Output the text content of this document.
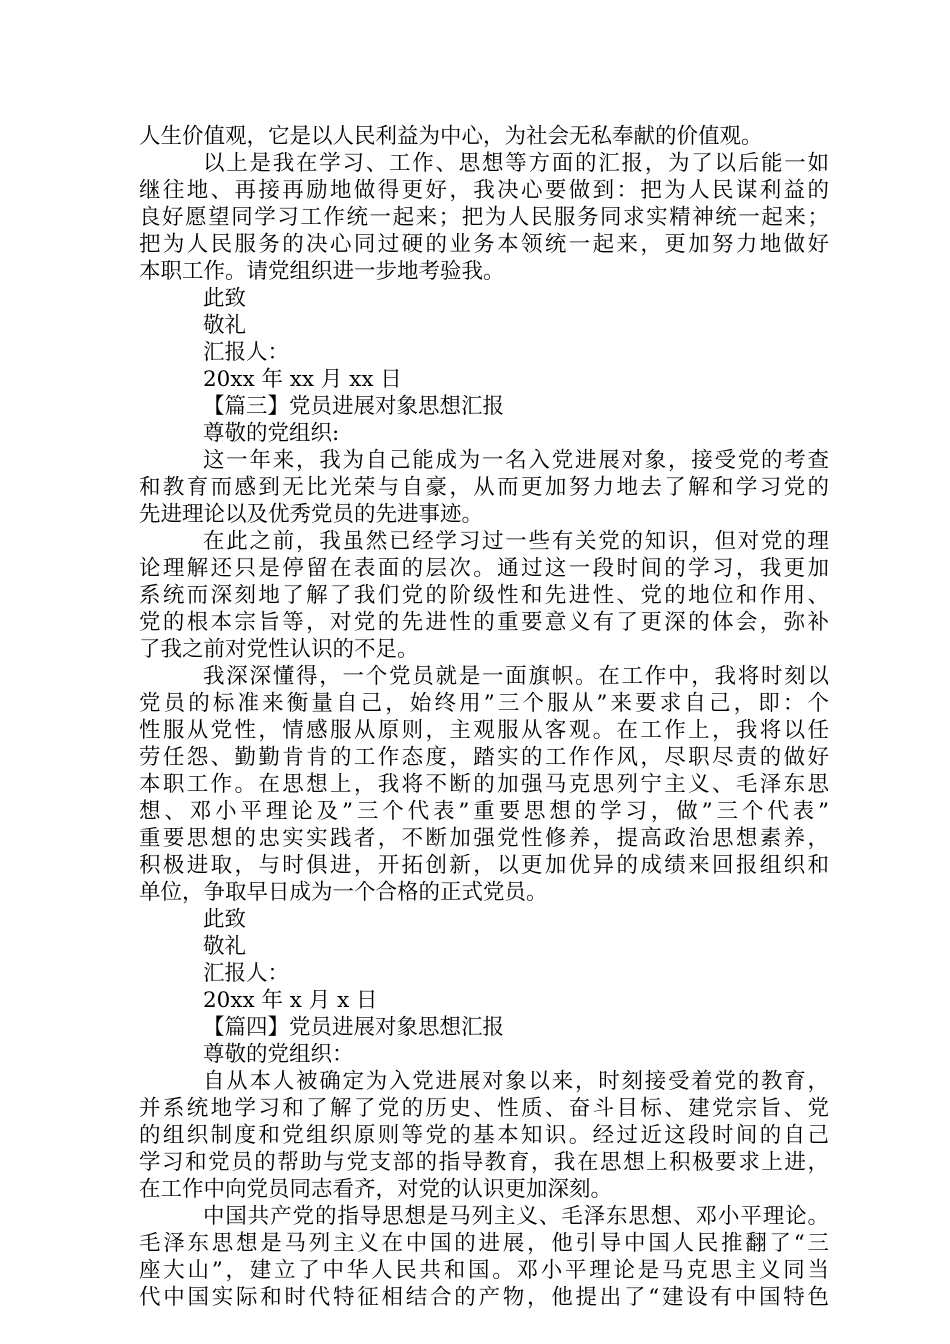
人生价值观，它是以人民利益为中心，为社会无私奉献的价值观。
以上是我在学习、工作、思想等方面的汇报，为了以后能一如
继往地、再接再励地做得更好，我决心要做到：把为人民谋利益的
良好愿望同学习工作统一起来；把为人民服务同求实精神统一起来；
把为人民服务的决心同过硬的业务本领统一起来，更加努力地做好
本职工作。请党组织进一步地考验我。
此致
敬礼
汇报人：
20xx 年 xx 月 xx 日
【篇三】党员进展对象思想汇报
尊敬的党组织:
这一年来，我为自己能成为一名入党进展对象，接受党的考查
和教育而感到无比光荣与自豪，从而更加努力地去了解和学习党的
先进理论以及优秀党员的先进事迹。
在此之前，我虽然已经学习过一些有关党的知识，但对党的理
论理解还只是停留在表面的层次。通过这一段时间的学习，我更加
系统而深刻地了解了我们党的阶级性和先进性、党的地位和作用、
党的根本宗旨等，对党的先进性的重要意义有了更深的体会，弥补
了我之前对党性认识的不足。
我深深懂得，一个党员就是一面旗帜。在工作中，我将时刻以
党员的标准来衡量自己，始终用”三个服从”来要求自己，即：个
性服从党性，情感服从原则，主观服从客观。在工作上，我将以任
劳任怨、勤勤肯肯的工作态度，踏实的工作作风，尽职尽责的做好
本职工作。在思想上，我将不断的加强马克思列宁主义、毛泽东思
想、邓小平理论及”三个代表”重要思想的学习，做”三个代表”
重要思想的忠实实践者，不断加强党性修养，提高政治思想素养，
积极进取，与时俱进，开拓创新，以更加优异的成绩来回报组织和
单位，争取早日成为一个合格的正式党员。
此致
敬礼
汇报人：
20xx 年 x 月 x 日
【篇四】党员进展对象思想汇报
尊敬的党组织：
自从本人被确定为入党进展对象以来，时刻接受着党的教育，
并系统地学习和了解了党的历史、性质、奋斗目标、建党宗旨、党
的组织制度和党组织原则等党的基本知识。经过近这段时间的自己
学习和党员的帮助与党支部的指导教育，我在思想上积极要求上进，
在工作中向党员同志看齐，对党的认识更加深刻。
中国共产党的指导思想是马列主义、毛泽东思想、邓小平理论。
毛泽东思想是马列主义在中国的进展，他引导中国人民推翻了“三
座大山”，建立了中华人民共和国。邓小平理论是马克思主义同当
代中国实际和时代特征相结合的产物，他提出了“建设有中国特色
